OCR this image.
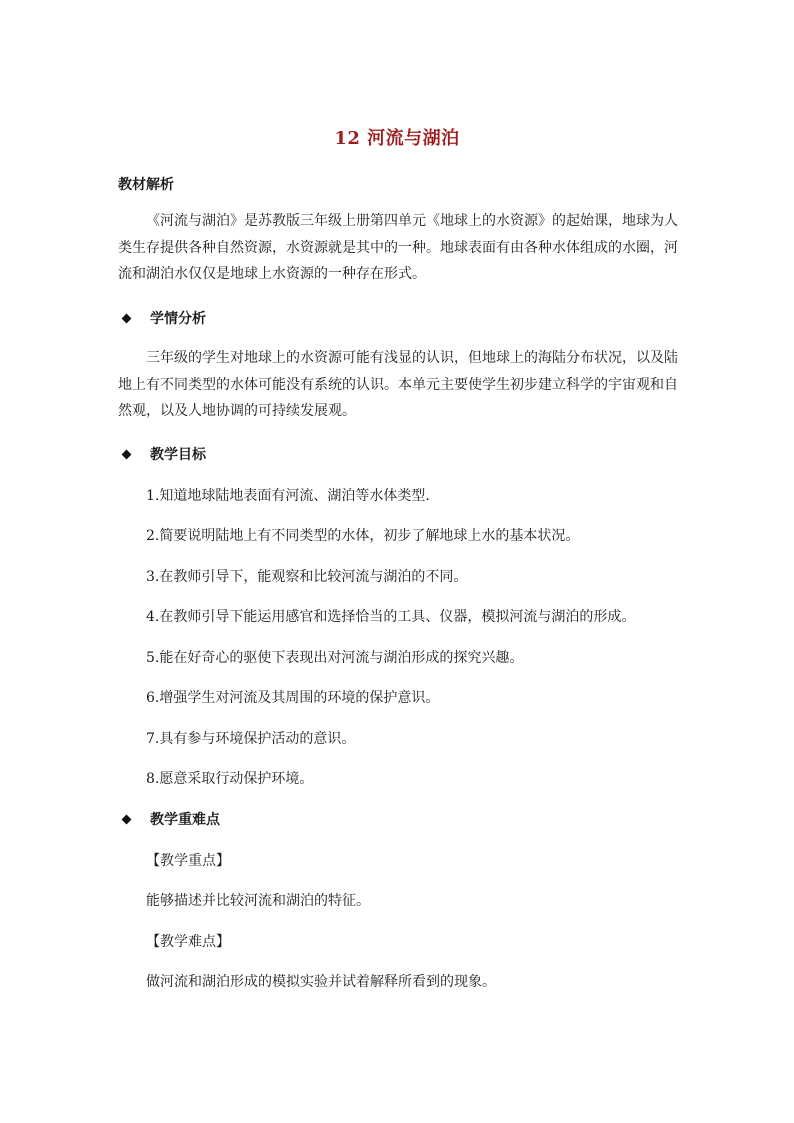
12 河流与湖泊
教材解析
《河流与湖泊》是苏教版三年级上册第四单元《地球上的水资源》的起始课，地球为人类生存提供各种自然资源，水资源就是其中的一种。地球表面有由各种水体组成的水圈，河流和湖泊水仅仅是地球上水资源的一种存在形式。
学情分析
三年级的学生对地球上的水资源可能有浅显的认识，但地球上的海陆分布状况，以及陆地上有不同类型的水体可能没有系统的认识。本单元主要使学生初步建立科学的宇宙观和自然观，以及人地协调的可持续发展观。
教学目标
1.知道地球陆地表面有河流、湖泊等水体类型.
2.简要说明陆地上有不同类型的水体，初步了解地球上水的基本状况。
3.在教师引导下，能观察和比较河流与湖泊的不同。
4.在教师引导下能运用感官和选择恰当的工具、仪器，模拟河流与湖泊的形成。
5.能在好奇心的驱使下表现出对河流与湖泊形成的探究兴趣。
6.增强学生对河流及其周围的环境的保护意识。
7.具有参与环境保护活动的意识。
8.愿意采取行动保护环境。
教学重难点
【教学重点】
能够描述并比较河流和湖泊的特征。
【教学难点】
做河流和湖泊形成的模拟实验并试着解释所看到的现象。
